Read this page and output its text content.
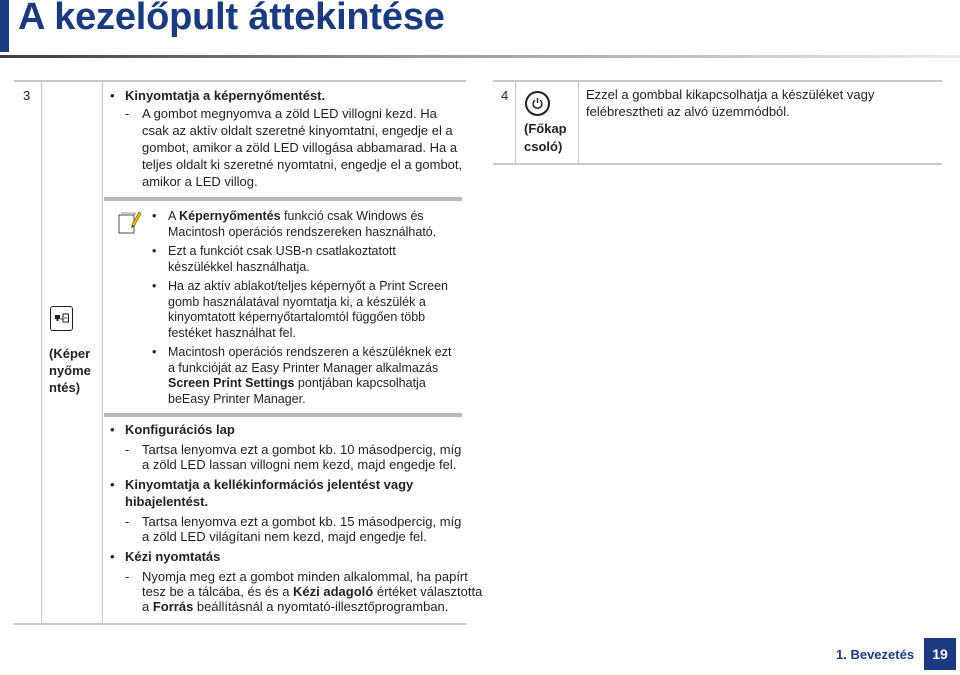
A kezelőpult áttekintése
3
(Képer
nyőme
ntés)
• Kinyomtatja a képernyőmentést.
- A gombot megnyomva a zöld LED villogni kezd. Ha
csak az aktív oldalt szeretné kinyomtatni, engedje el a
gombot, amikor a zöld LED villogása abbamarad. Ha a
teljes oldalt ki szeretné nyomtatni, engedje el a gombot,
amikor a LED villog.
• A Képernyőmentés funkció csak Windows és Macintosh operációs rendszereken használható.
• Ezt a funkciót csak USB-n csatlakoztatott készülékkel használhatja.
• Ha az aktív ablakot/teljes képernyőt a Print Screen gomb használatával nyomtatja ki, a készülék a kinyomtatott képernyőtartalomtól függően több festéket használhat fel.
• Macintosh operációs rendszeren a készüléknek ezt a funkcióját az Easy Printer Manager alkalmazás Screen Print Settings pontjában kapcsolhatja beEasy Printer Manager.
• Konfigurációs lap
- Tartsa lenyomva ezt a gombot kb. 10 másodpercig, míg
a zöld LED lassan villogni nem kezd, majd engedje fel.
• Kinyomtatja a kellékinformációs jelentést vagy
hibajelentést.
- Tartsa lenyomva ezt a gombot kb. 15 másodpercig, míg
a zöld LED világítani nem kezd, majd engedje fel.
• Kézi nyomtatás
- Nyomja meg ezt a gombot minden alkalommal, ha papírt
tesz be a tálcába, és és a Kézi adagoló értéket választotta
a Forrás beállításnál a nyomtató-illesztőprogramban.
4
(Főkap
csoló)
Ezzel a gombbal kikapcsolhatja a készüléket vagy
felébresztheti az alvó üzemmódból.
1. Bevezetés	19
